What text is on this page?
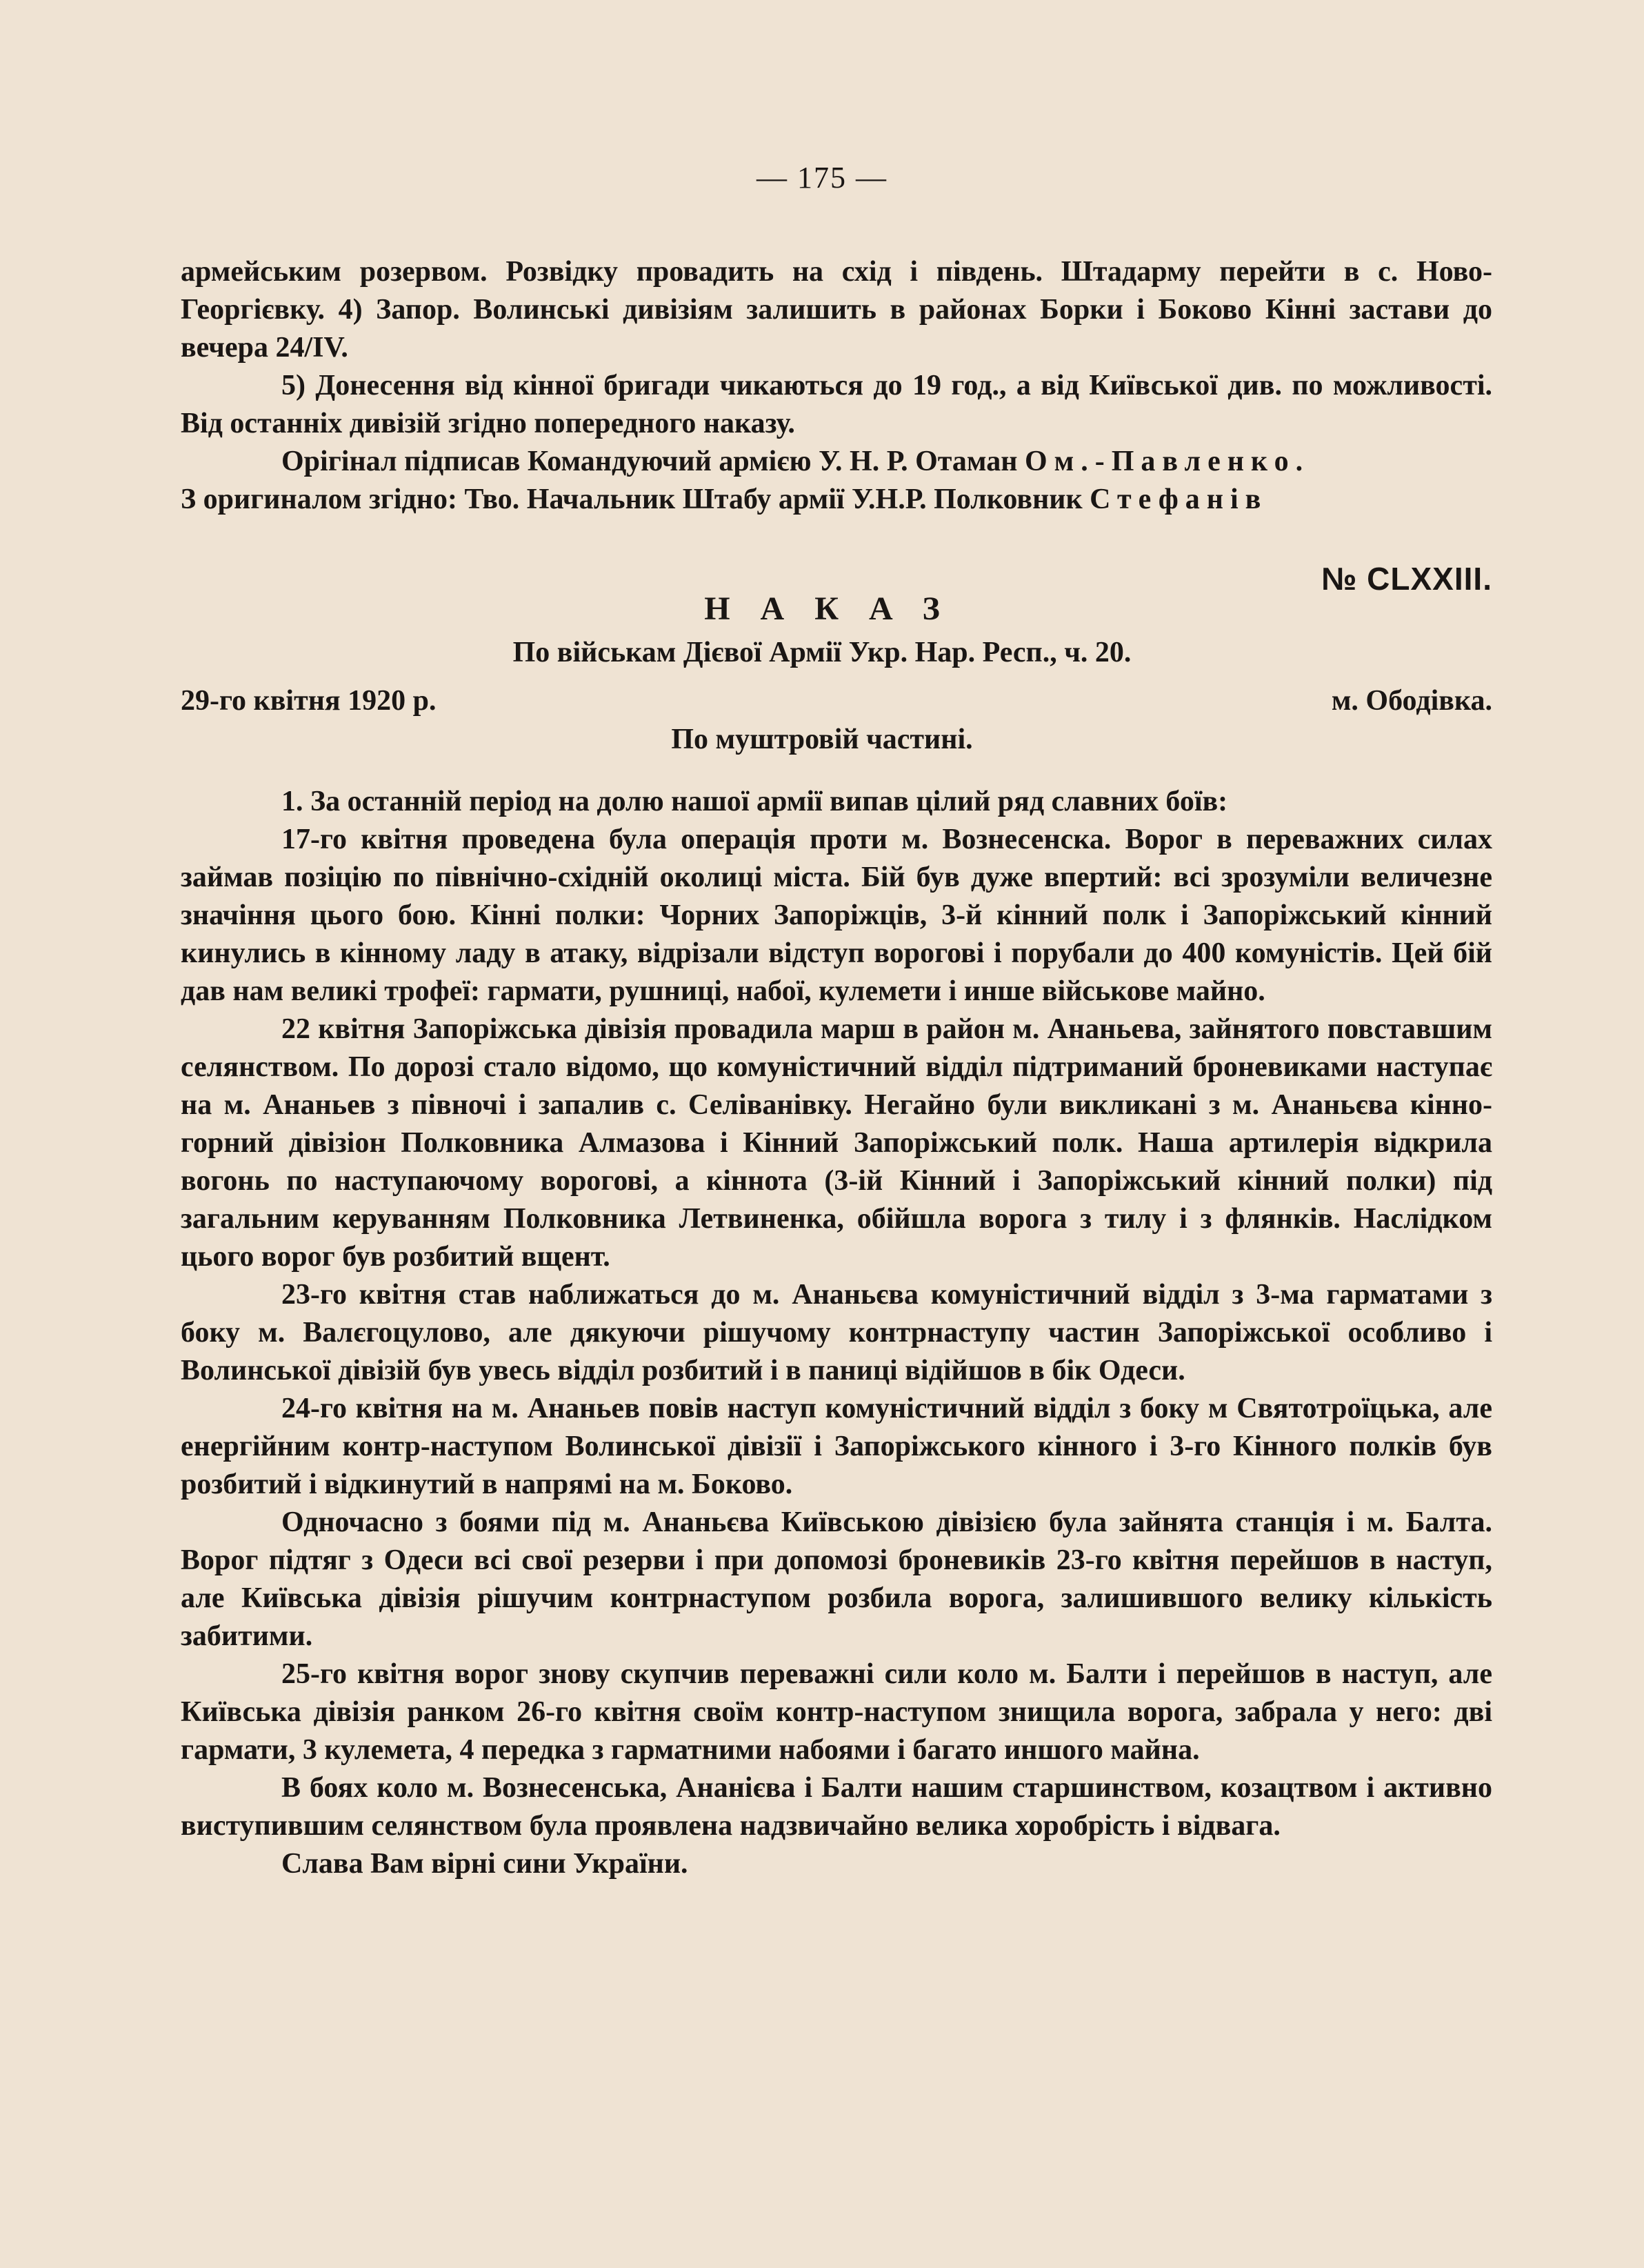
— 175 —

армейським розервом. Розвідку провадить на схід і південь. Штадарму перейти в с. Ново-Георгієвку. 4) Запор. Волинські дивізіям залишить в районах Борки і Боково Кінні застави до вечера 24/IV.

5) Донесення від кінної бригади чикаються до 19 год., а від Київської див. по можливості. Від останніх дивізій згідно попередного наказу.

Орігінал підписав Командуючий армією У. Н. Р. Отаман Ом.-Павленко.

З оригиналом згідно: Тво. Начальник Штабу армії У.Н.Р. Полковник Стефанів

№ CLXXIII.
НАКАЗ
По військам Дієвої Армії Укр. Нар. Респ., ч. 20.
29-го квітня 1920 р.	м. Ободівка.
По муштровій частині.

1. За останній період на долю нашої армії випав цілий ряд славних боїв:

17-го квітня проведена була операція проти м. Вознесенска. Ворог в переважних силах займав позіцію по північно-східній околиці міста. Бій був дуже впертий: всі зрозуміли величезне значіння цього бою. Кінні полки: Чорних Запоріжців, 3-й кінний полк і Запоріжський кінний кинулись в кінному ладу в атаку, відрізали відступ ворогові і порубали до 400 комуністів. Цей бій дав нам великі трофеї: гармати, рушниці, набої, кулемети і инше військове майно.

22 квітня Запоріжська дівізія провадила марш в район м. Ананьева, зайнятого повставшим селянством. По дорозі стало відомо, що комуністичний відділ підтриманий броневиками наступає на м. Ананьев з півночі і запалив с. Селіванівку. Негайно були викликані з м. Ананьєва кінно-горний дівізіон Полковника Алмазова і Кінний Запоріжський полк. Наша артилерія відкрила вогонь по наступаючому ворогові, а кіннота (3-ій Кінний і Запоріжський кінний полки) під загальним керуванням Полковника Летвиненка, обійшла ворога з тилу і з флянків. Наслідком цього ворог був розбитий вщент.

23-го квітня став наближаться до м. Ананьєва комуністичний відділ з 3-ма гарматами з боку м. Валєгоцулово, але дякуючи рішучому контрнаступу частин Запоріжської особливо і Волинської дівізій був увесь відділ розбитий і в паниці відійшов в бік Одеси.

24-го квітня на м. Ананьев повів наступ комуністичний відділ з боку м Святотроїцька, але енергійним контр-наступом Волинської дівізії і Запоріжського кінного і 3-го Кінного полків був розбитий і відкинутий в напрямі на м. Боково.

Одночасно з боями під м. Ананьєва Київською дівізією була зайнята станція і м. Балта. Ворог підтяг з Одеси всі свої резерви і при допомозі броневиків 23-го квітня перейшов в наступ, але Київська дівізія рішучим контрнаступом розбила ворога, залишившого велику кількість забитими.

25-го квітня ворог знову скупчив переважні сили коло м. Балти і перейшов в наступ, але Київська дівізія ранком 26-го квітня своїм контр-наступом знищила ворога, забрала у него: дві гармати, 3 кулемета, 4 передка з гарматними набоями і багато иншого майна.

В боях коло м. Вознесенська, Ананієва і Балти нашим старшинством, козацтвом і активно виступившим селянством була проявлена надзвичайно велика хоробрість і відвага.

Слава Вам вірні сини України.
